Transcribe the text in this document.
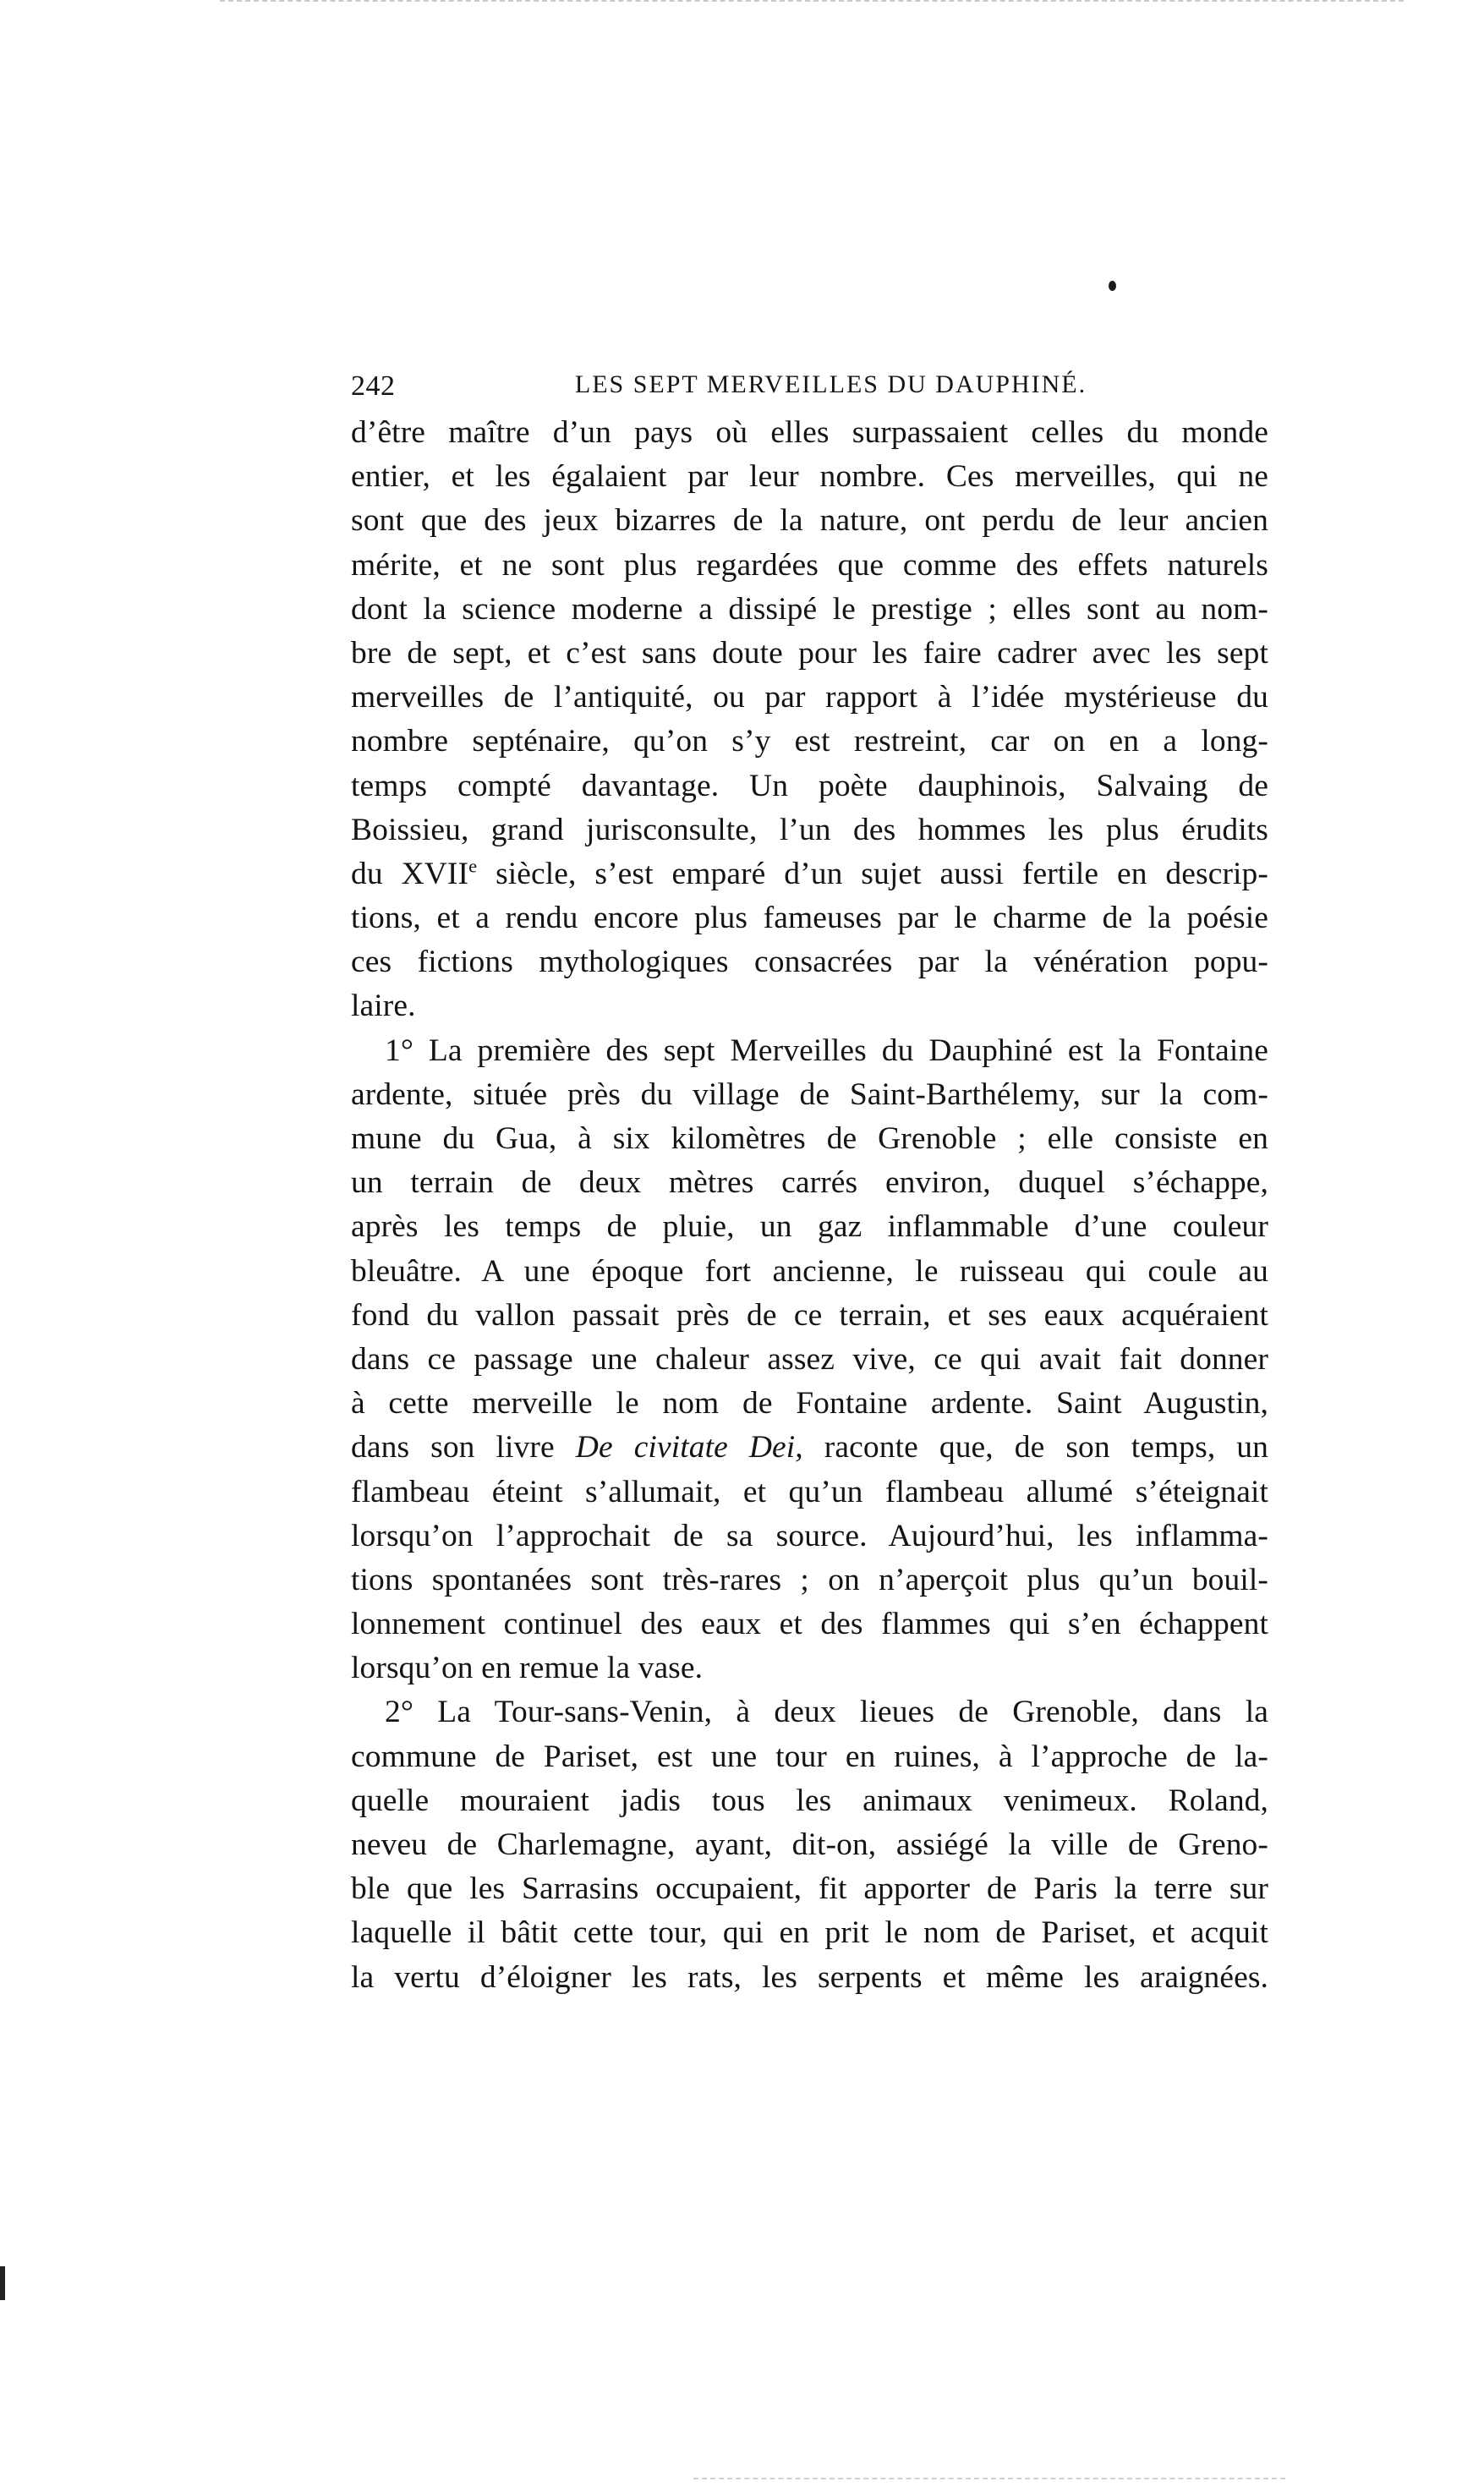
242	LES SEPT MERVEILLES DU DAUPHINÉ.
d’être maître d’un pays où elles surpassaient celles du monde
entier, et les égalaient par leur nombre. Ces merveilles, qui ne
sont que des jeux bizarres de la nature, ont perdu de leur ancien
mérite, et ne sont plus regardées que comme des effets naturels
dont la science moderne a dissipé le prestige ; elles sont au nom-
bre de sept, et c’est sans doute pour les faire cadrer avec les sept
merveilles de l’antiquité, ou par rapport à l’idée mystérieuse du
nombre septénaire, qu’on s’y est restreint, car on en a long-
temps compté davantage. Un poète dauphinois, Salvaing de
Boissieu, grand jurisconsulte, l’un des hommes les plus érudits
du XVIIe siècle, s’est emparé d’un sujet aussi fertile en descrip-
tions, et a rendu encore plus fameuses par le charme de la poésie
ces fictions mythologiques consacrées par la vénération popu-
laire.
1° La première des sept Merveilles du Dauphiné est la Fontaine
ardente, située près du village de Saint-Barthélemy, sur la com-
mune du Gua, à six kilomètres de Grenoble ; elle consiste en
un terrain de deux mètres carrés environ, duquel s’échappe,
après les temps de pluie, un gaz inflammable d’une couleur
bleuâtre. A une époque fort ancienne, le ruisseau qui coule au
fond du vallon passait près de ce terrain, et ses eaux acquéraient
dans ce passage une chaleur assez vive, ce qui avait fait donner
à cette merveille le nom de Fontaine ardente. Saint Augustin,
dans son livre De civitate Dei, raconte que, de son temps, un
flambeau éteint s’allumait, et qu’un flambeau allumé s’éteignait
lorsqu’on l’approchait de sa source. Aujourd’hui, les inflamma-
tions spontanées sont très-rares ; on n’aperçoit plus qu’un bouil-
lonnement continuel des eaux et des flammes qui s’en échappent
lorsqu’on en remue la vase.
2° La Tour-sans-Venin, à deux lieues de Grenoble, dans la
commune de Pariset, est une tour en ruines, à l’approche de la-
quelle mouraient jadis tous les animaux venimeux. Roland,
neveu de Charlemagne, ayant, dit-on, assiégé la ville de Greno-
ble que les Sarrasins occupaient, fit apporter de Paris la terre sur
laquelle il bâtit cette tour, qui en prit le nom de Pariset, et acquit
la vertu d’éloigner les rats, les serpents et même les araignées.
